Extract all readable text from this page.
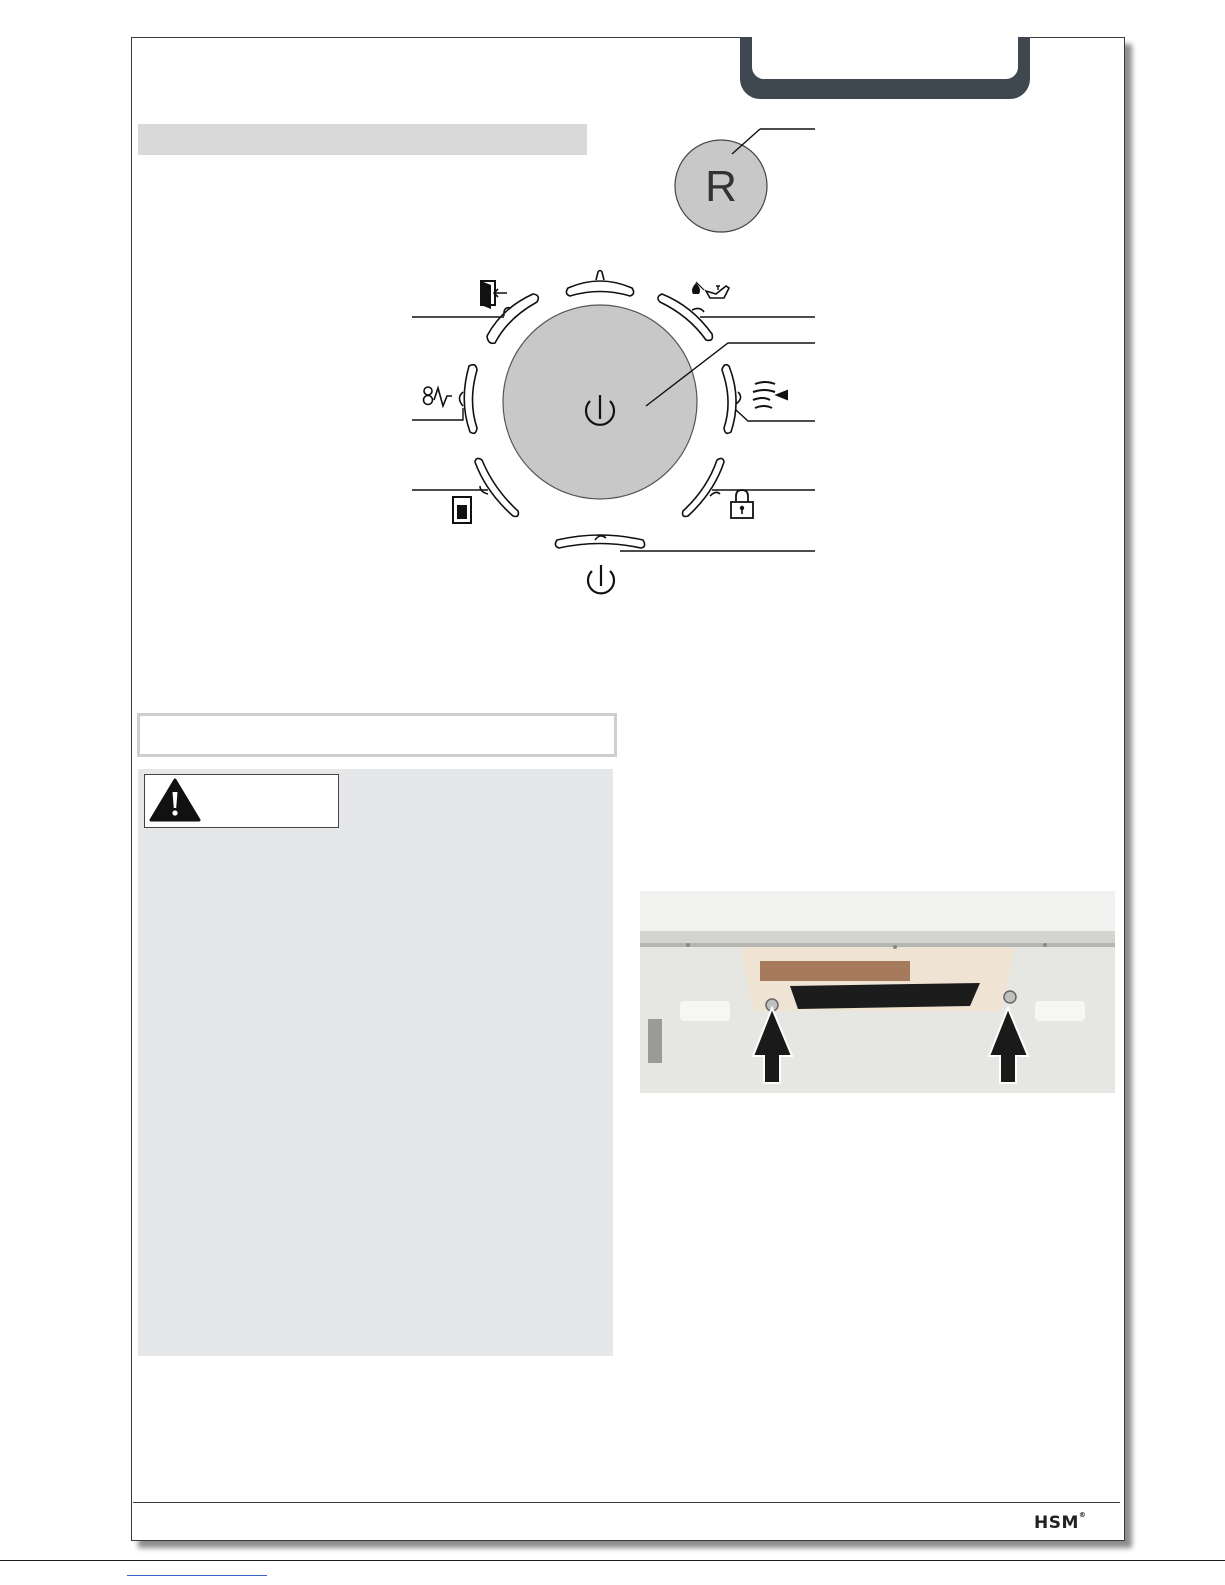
R
HSM®
